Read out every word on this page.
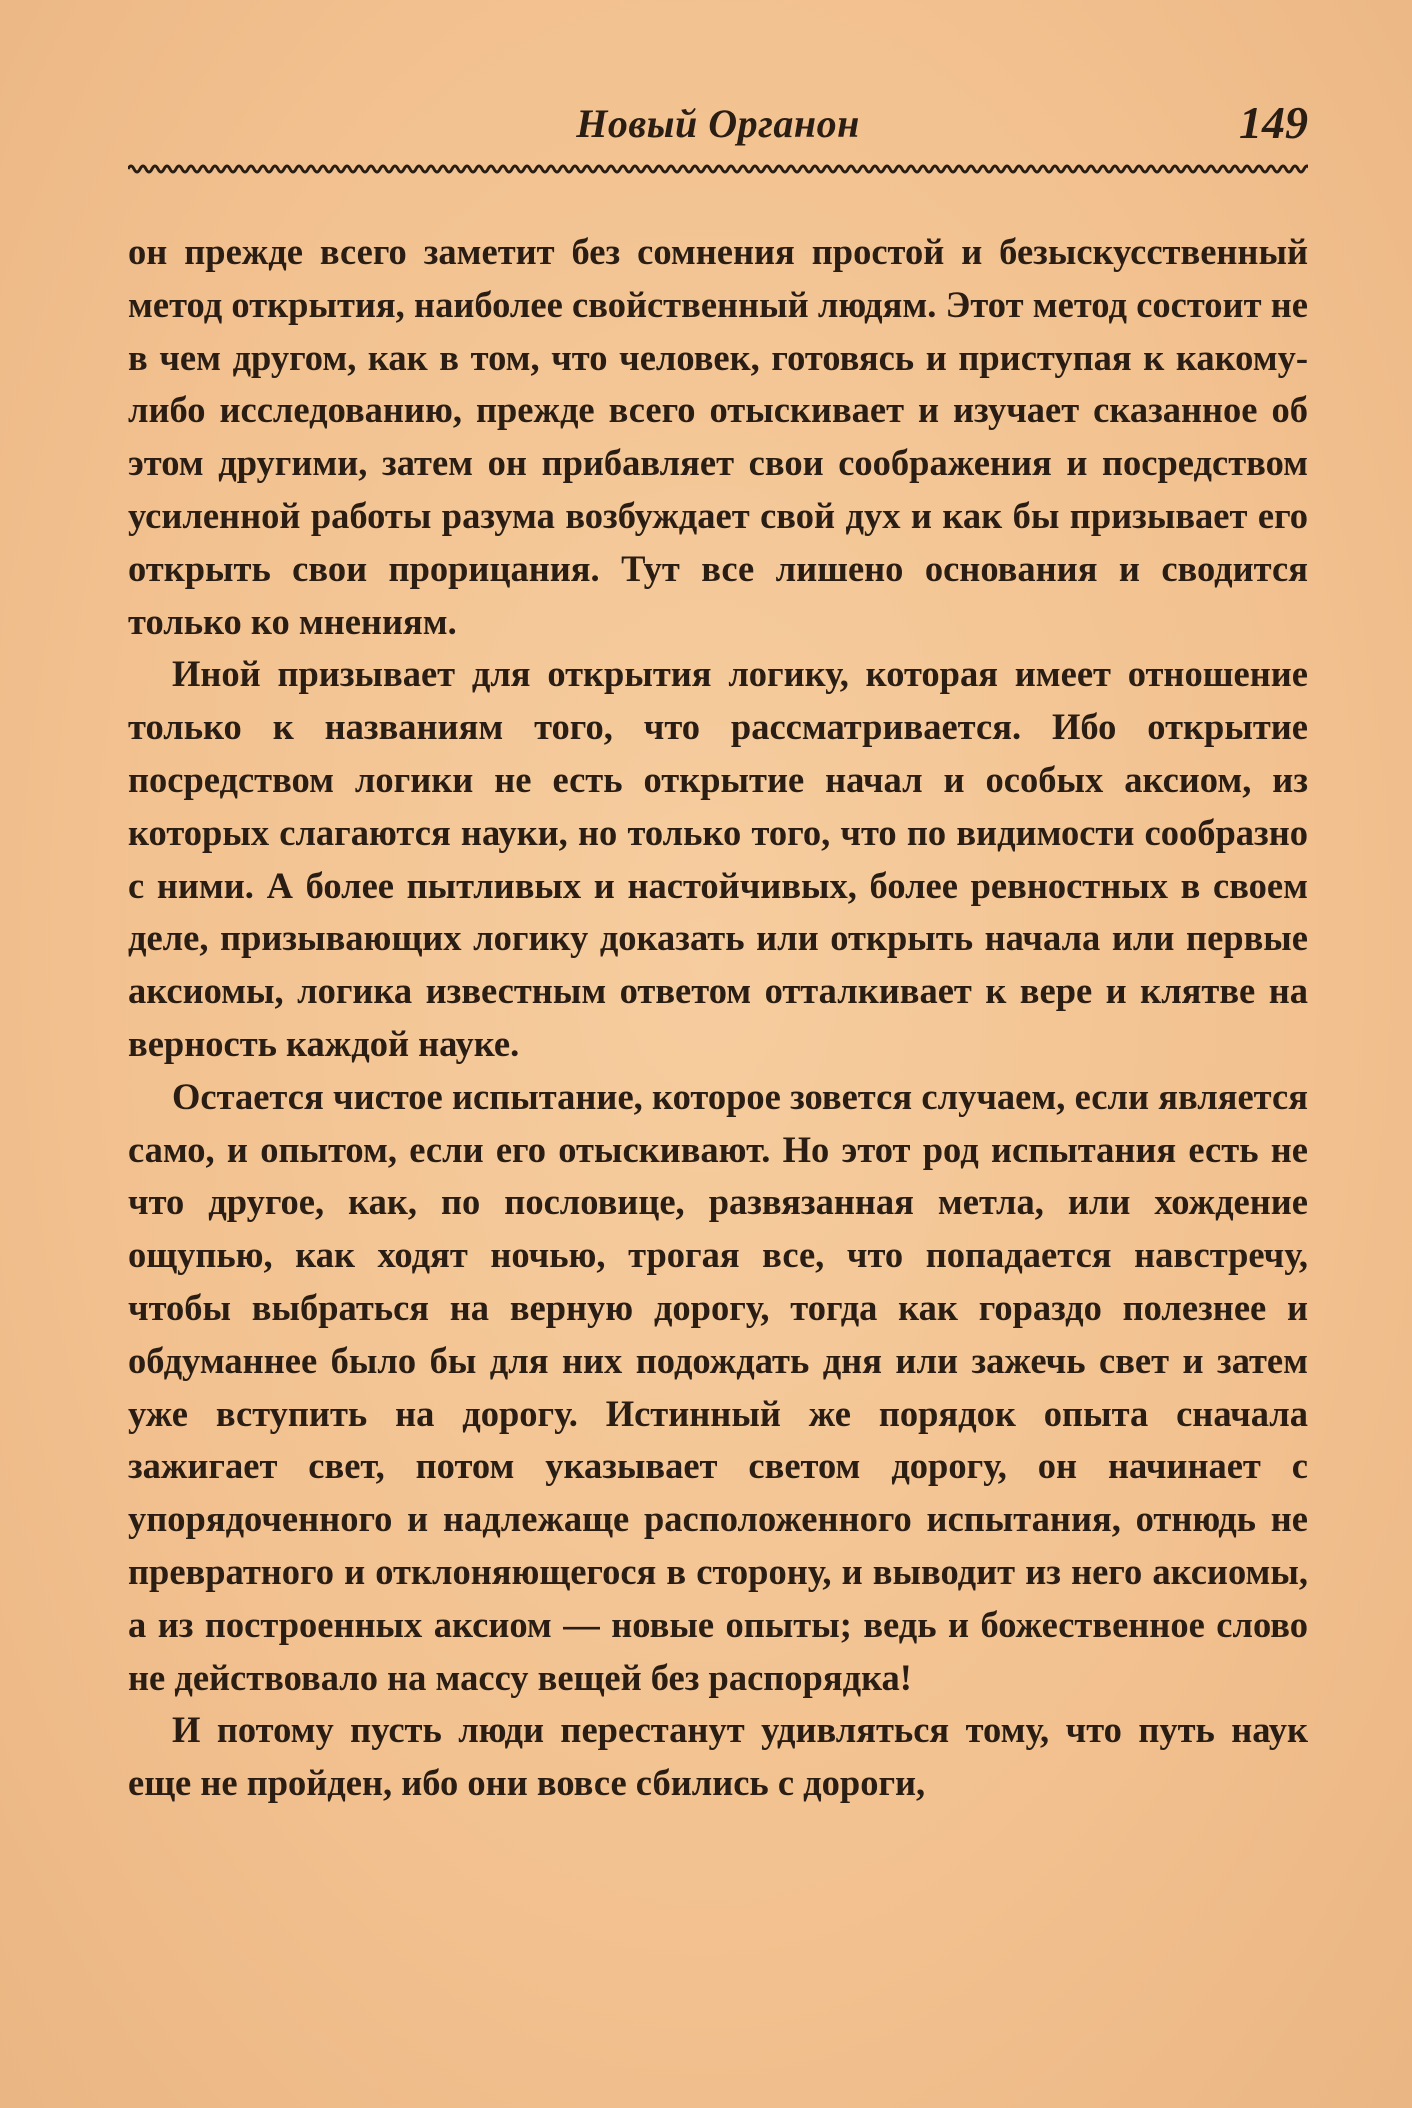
Новый Органон	149

он прежде всего заметит без сомнения простой и безыскусственный метод открытия, наиболее свойственный людям. Этот метод состоит не в чем другом, как в том, что человек, готовясь и приступая к какому-либо исследованию, прежде всего отыскивает и изучает сказанное об этом другими, затем он прибавляет свои соображения и посредством усиленной работы разума возбуждает свой дух и как бы призывает его открыть свои прорицания. Тут все лишено основания и сводится только ко мнениям.

Иной призывает для открытия логику, которая имеет отношение только к названиям того, что рассматривается. Ибо открытие посредством логики не есть открытие начал и особых аксиом, из которых слагаются науки, но только того, что по видимости сообразно с ними. А более пытливых и настойчивых, более ревностных в своем деле, призывающих логику доказать или открыть начала или первые аксиомы, логика известным ответом отталкивает к вере и клятве на верность каждой науке.

Остается чистое испытание, которое зовется случаем, если является само, и опытом, если его отыскивают. Но этот род испытания есть не что другое, как, по пословице, развязанная метла, или хождение ощупью, как ходят ночью, трогая все, что попадается навстречу, чтобы выбраться на верную дорогу, тогда как гораздо полезнее и обдуманнее было бы для них подождать дня или зажечь свет и затем уже вступить на дорогу. Истинный же порядок опыта сначала зажигает свет, потом указывает светом дорогу, он начинает с упорядоченного и надлежаще расположенного испытания, отнюдь не превратного и отклоняющегося в сторону, и выводит из него аксиомы, а из построенных аксиом — новые опыты; ведь и божественное слово не действовало на массу вещей без распорядка!

И потому пусть люди перестанут удивляться тому, что путь наук еще не пройден, ибо они вовсе сбились с дороги,
